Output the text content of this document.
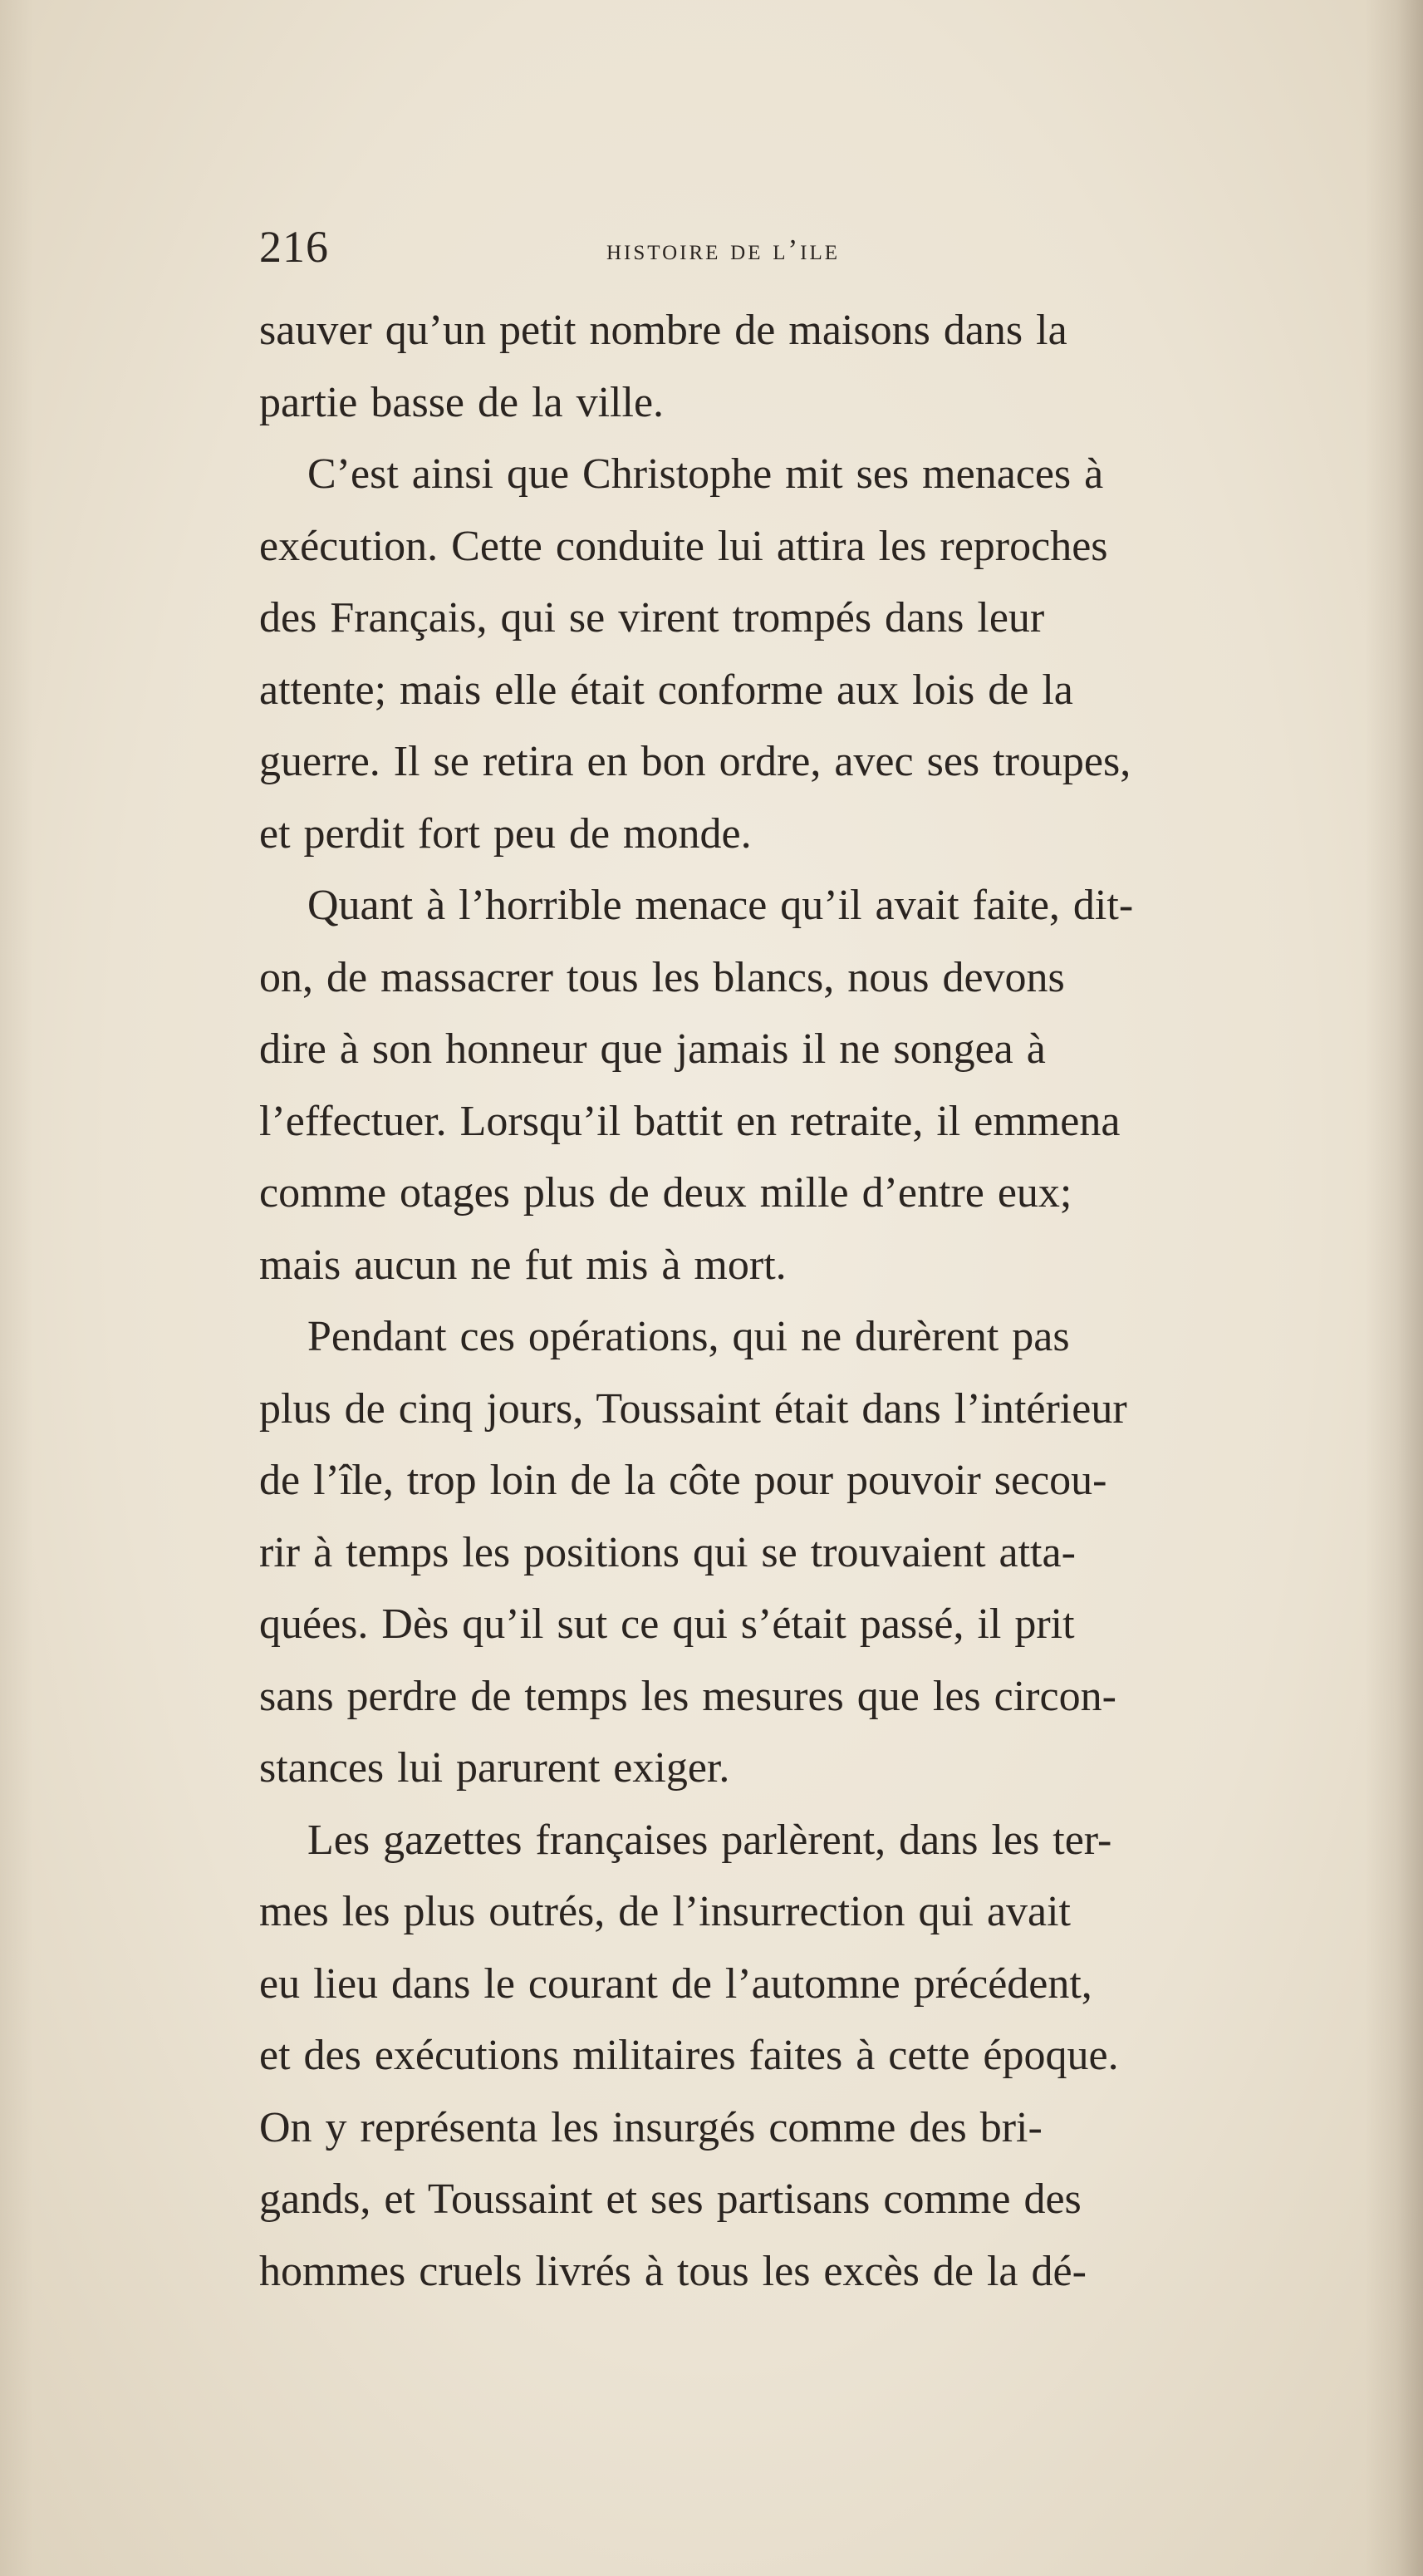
216	histoire de l’ile
sauver qu’un petit nombre de maisons dans la
partie basse de la ville.
C’est ainsi que Christophe mit ses menaces à
exécution. Cette conduite lui attira les reproches
des Français, qui se virent trompés dans leur
attente; mais elle était conforme aux lois de la
guerre. Il se retira en bon ordre, avec ses troupes,
et perdit fort peu de monde.
Quant à l’horrible menace qu’il avait faite, dit-
on, de massacrer tous les blancs, nous devons
dire à son honneur que jamais il ne songea à
l’effectuer. Lorsqu’il battit en retraite, il emmena
comme otages plus de deux mille d’entre eux;
mais aucun ne fut mis à mort.
Pendant ces opérations, qui ne durèrent pas
plus de cinq jours, Toussaint était dans l’intérieur
de l’île, trop loin de la côte pour pouvoir secou-
rir à temps les positions qui se trouvaient atta-
quées. Dès qu’il sut ce qui s’était passé, il prit
sans perdre de temps les mesures que les circon-
stances lui parurent exiger.
Les gazettes françaises parlèrent, dans les ter-
mes les plus outrés, de l’insurrection qui avait
eu lieu dans le courant de l’automne précédent,
et des exécutions militaires faites à cette époque.
On y représenta les insurgés comme des bri-
gands, et Toussaint et ses partisans comme des
hommes cruels livrés à tous les excès de la dé-
